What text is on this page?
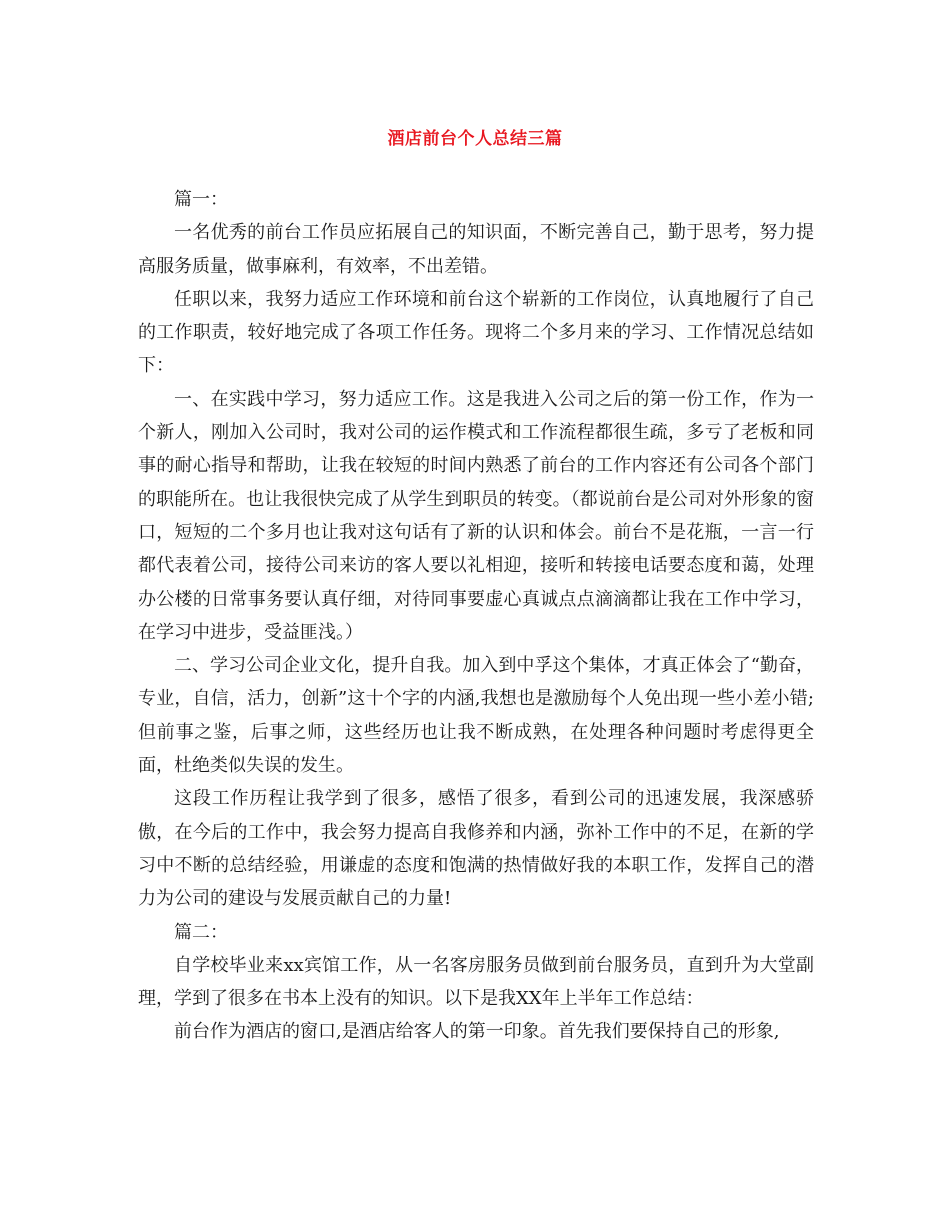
酒店前台个人总结三篇

篇一：

一名优秀的前台工作员应拓展自己的知识面，不断完善自己，勤于思考，努力提高服务质量，做事麻利，有效率，不出差错。

任职以来，我努力适应工作环境和前台这个崭新的工作岗位，认真地履行了自己的工作职责，较好地完成了各项工作任务。现将二个多月来的学习、工作情况总结如下：

一、在实践中学习，努力适应工作。这是我进入公司之后的第一份工作，作为一个新人，刚加入公司时，我对公司的运作模式和工作流程都很生疏，多亏了老板和同事的耐心指导和帮助，让我在较短的时间内熟悉了前台的工作内容还有公司各个部门的职能所在。也让我很快完成了从学生到职员的转变。（都说前台是公司对外形象的窗口，短短的二个多月也让我对这句话有了新的认识和体会。前台不是花瓶，一言一行都代表着公司，接待公司来访的客人要以礼相迎，接听和转接电话要态度和蔼，处理办公楼的日常事务要认真仔细，对待同事要虚心真诚点点滴滴都让我在工作中学习，在学习中进步，受益匪浅。）

二、学习公司企业文化，提升自我。加入到中孚这个集体，才真正体会了“勤奋，专业，自信，活力，创新”这十个字的内涵,我想也是激励每个人免出现一些小差小错;但前事之鉴，后事之师，这些经历也让我不断成熟，在处理各种问题时考虑得更全面，杜绝类似失误的发生。

这段工作历程让我学到了很多，感悟了很多，看到公司的迅速发展，我深感骄傲，在今后的工作中，我会努力提高自我修养和内涵，弥补工作中的不足，在新的学习中不断的总结经验，用谦虚的态度和饱满的热情做好我的本职工作，发挥自己的潜力为公司的建设与发展贡献自己的力量!

篇二：

自学校毕业来xx宾馆工作，从一名客房服务员做到前台服务员，直到升为大堂副理，学到了很多在书本上没有的知识。以下是我XX年上半年工作总结：

前台作为酒店的窗口,是酒店给客人的第一印象。首先我们要保持自己的形象,
